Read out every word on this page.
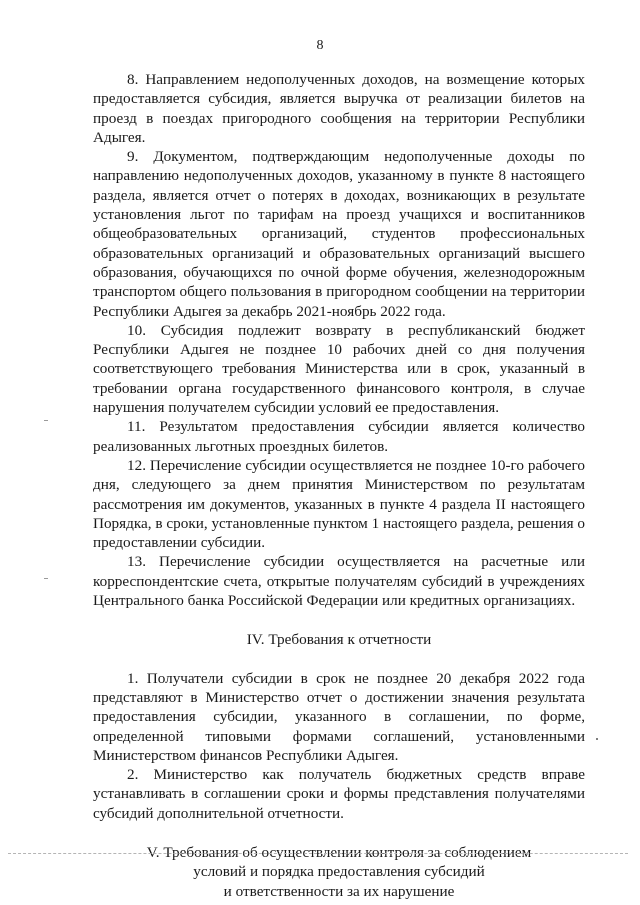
8

8. Направлением недополученных доходов, на возмещение которых предоставляется субсидия, является выручка от реализации билетов на проезд в поездах пригородного сообщения на территории Республики Адыгея.

9. Документом, подтверждающим недополученные доходы по направлению недополученных доходов, указанному в пункте 8 настоящего раздела, является отчет о потерях в доходах, возникающих в результате установления льгот по тарифам на проезд учащихся и воспитанников общеобразовательных организаций, студентов профессиональных образовательных организаций и образовательных организаций высшего образования, обучающихся по очной форме обучения, железнодорожным транспортом общего пользования в пригородном сообщении на территории Республики Адыгея за декабрь 2021-ноябрь 2022 года.

10. Субсидия подлежит возврату в республиканский бюджет Республики Адыгея не позднее 10 рабочих дней со дня получения соответствующего требования Министерства или в срок, указанный в требовании органа государственного финансового контроля, в случае нарушения получателем субсидии условий ее предоставления.

11. Результатом предоставления субсидии является количество реализованных льготных проездных билетов.

12. Перечисление субсидии осуществляется не позднее 10-го рабочего дня, следующего за днем принятия Министерством по результатам рассмотрения им документов, указанных в пункте 4 раздела II настоящего Порядка, в сроки, установленные пунктом 1 настоящего раздела, решения о предоставлении субсидии.

13. Перечисление субсидии осуществляется на расчетные или корреспондентские счета, открытые получателям субсидий в учреждениях Центрального банка Российской Федерации или кредитных организациях.

IV. Требования к отчетности

1. Получатели субсидии в срок не позднее 20 декабря 2022 года представляют в Министерство отчет о достижении значения результата предоставления субсидии, указанного в соглашении, по форме, определенной типовыми формами соглашений, установленными Министерством финансов Республики Адыгея.

2. Министерство как получатель бюджетных средств вправе устанавливать в соглашении сроки и формы представления получателями субсидий дополнительной отчетности.

V. Требования об осуществлении контроля за соблюдением
условий и порядка предоставления субсидий
и ответственности за их нарушение
